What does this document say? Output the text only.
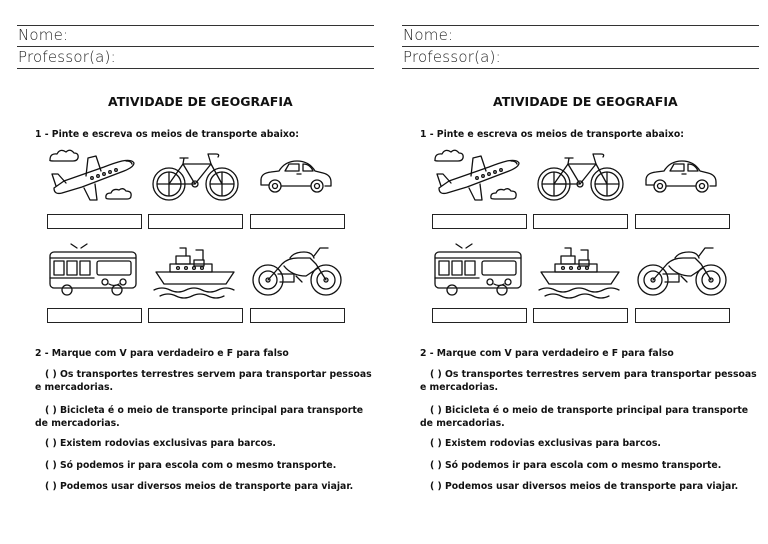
Nome:
Professor(a):
ATIVIDADE DE GEOGRAFIA
1 - Pinte e escreva os meios de transporte abaixo:
2 - Marque com V para verdadeiro e F para falso
( ) Os transportes terrestres servem para transportar pessoas e mercadorias.
( ) Bicicleta é o meio de transporte principal para transporte de mercadorias.
( ) Existem rodovias exclusivas para barcos.
( ) Só podemos ir para escola com o mesmo transporte.
( ) Podemos usar diversos meios de transporte para viajar.
Nome:
Professor(a):
ATIVIDADE DE GEOGRAFIA
1 - Pinte e escreva os meios de transporte abaixo:
2 - Marque com V para verdadeiro e F para falso
( ) Os transportes terrestres servem para transportar pessoas e mercadorias.
( ) Bicicleta é o meio de transporte principal para transporte de mercadorias.
( ) Existem rodovias exclusivas para barcos.
( ) Só podemos ir para escola com o mesmo transporte.
( ) Podemos usar diversos meios de transporte para viajar.
